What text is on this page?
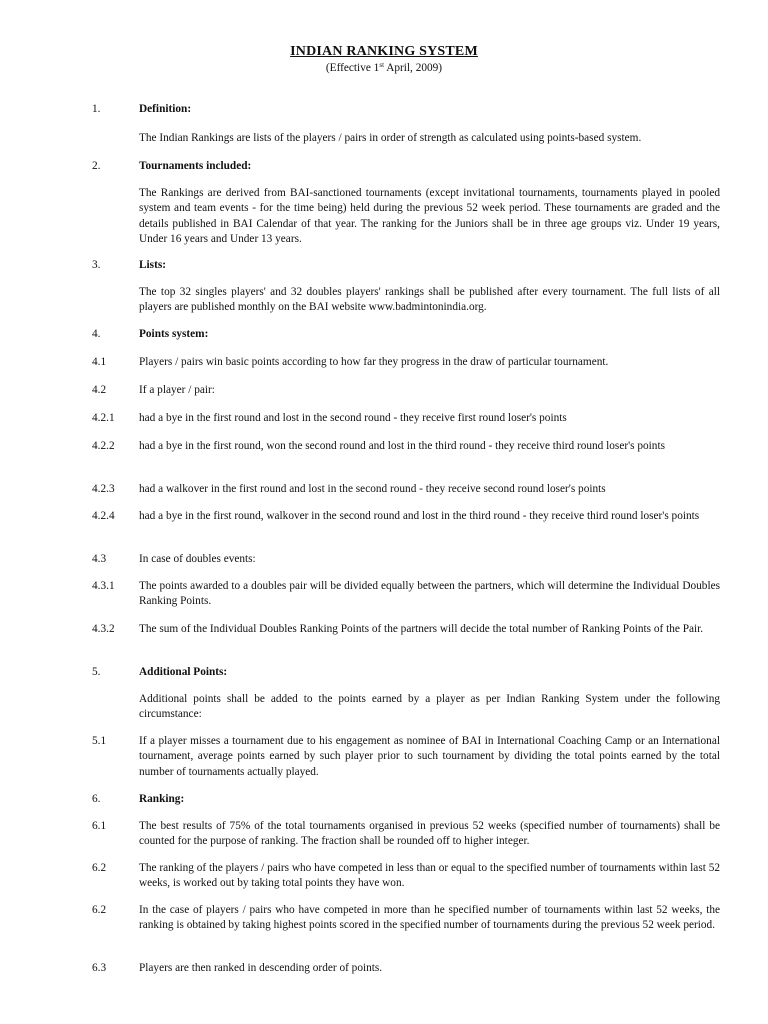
INDIAN RANKING SYSTEM
(Effective 1st April, 2009)
1.	Definition:
The Indian Rankings are lists of the players / pairs in order of strength as calculated using points-based system.
2.	Tournaments included:
The Rankings are derived from BAI-sanctioned tournaments (except invitational tournaments, tournaments played in pooled system and team events - for the time being) held during the previous 52 week period. These tournaments are graded and the details published in BAI Calendar of that year. The ranking for the Juniors shall be in three age groups viz. Under 19 years, Under 16 years and Under 13 years.
3.	Lists:
The top 32 singles players' and 32 doubles players' rankings shall be published after every tournament. The full lists of all players are published monthly on the BAI website www.badmintonindia.org.
4.	Points system:
4.1	Players / pairs win basic points according to how far they progress in the draw of particular tournament.
4.2	If a player / pair:
4.2.1 had a bye in the first round and lost in the second round - they receive first round loser's points
4.2.2 had a bye in the first round, won the second round and lost in the third round - they receive third round loser's points
4.2.3 had a walkover in the first round and lost in the second round - they receive second round loser's points
4.2.4 had a bye in the first round, walkover in the second round and lost in the third round - they receive third round loser's points
4.3	In case of doubles events:
4.3.1 The points awarded to a doubles pair will be divided equally between the partners, which will determine the Individual Doubles Ranking Points.
4.3.2 The sum of the Individual Doubles Ranking Points of the partners will decide the total number of Ranking Points of the Pair.
5.	Additional Points:
Additional points shall be added to the points earned by a player as per Indian Ranking System under the following circumstance:
5.1	If a player misses a tournament due to his engagement as nominee of BAI in International Coaching Camp or an International tournament, average points earned by such player prior to such tournament by dividing the total points earned by the total number of tournaments actually played.
6.	Ranking:
6.1	The best results of 75% of the total tournaments organised in previous 52 weeks (specified number of tournaments) shall be counted for the purpose of ranking. The fraction shall be rounded off to higher integer.
6.2	The ranking of the players / pairs who have competed in less than or equal to the specified number of tournaments within last 52 weeks, is worked out by taking total points they have won.
6.2	In the case of players / pairs who have competed in more than he specified number of tournaments within last 52 weeks, the ranking is obtained by taking highest points scored in the specified number of tournaments during the previous 52 week period.
6.3	Players are then ranked in descending order of points.
